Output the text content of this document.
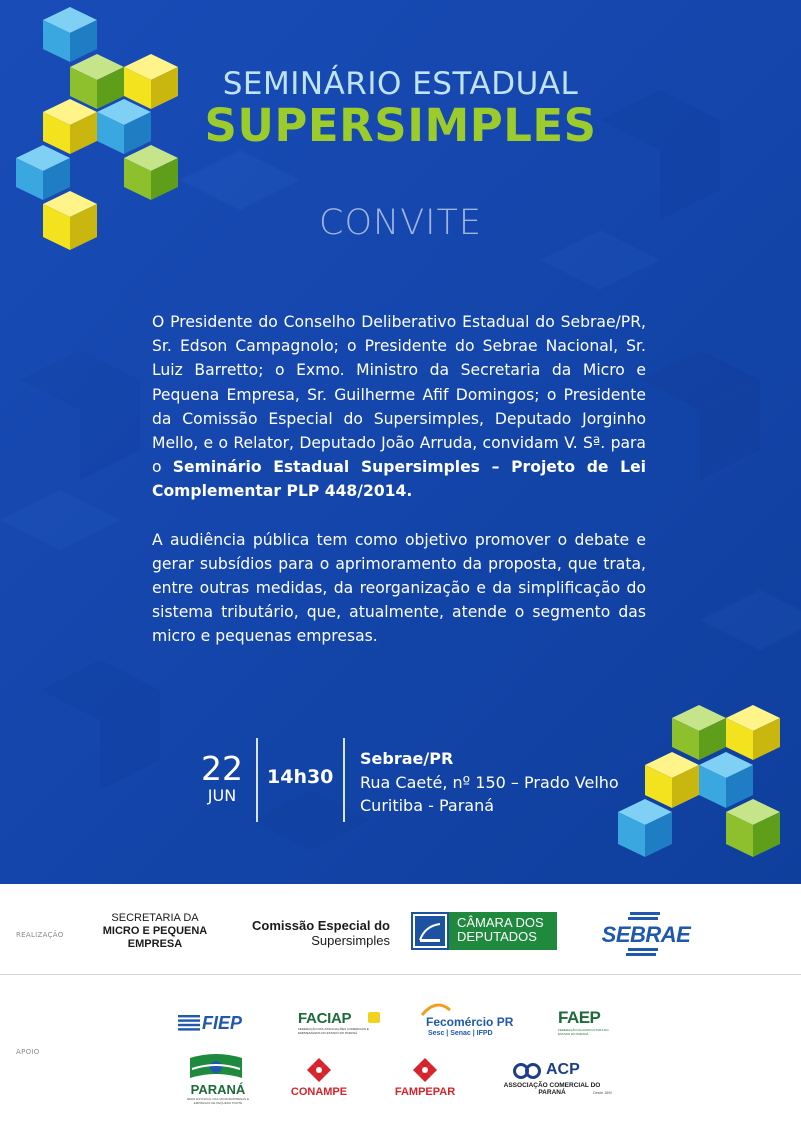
SEMINÁRIO ESTADUAL
SUPERSIMPLES
CONVITE

O Presidente do Conselho Deliberativo Estadual do Sebrae/PR, Sr. Edson Campagnolo; o Presidente do Sebrae Nacional, Sr. Luiz Barretto; o Exmo. Ministro da Secretaria da Micro e Pequena Empresa, Sr. Guilherme Afif Domingos; o Presidente da Comissão Especial do Supersimples, Deputado Jorginho Mello, e o Relator, Deputado João Arruda, convidam V. Sª. para o Seminário Estadual Supersimples – Projeto de Lei Complementar PLP 448/2014.

A audiência pública tem como objetivo promover o debate e gerar subsídios para o aprimoramento da proposta, que trata, entre outras medidas, da reorganização e da simplificação do sistema tributário, que, atualmente, atende o segmento das micro e pequenas empresas.

22
JUN
14h30
Sebrae/PR
Rua Caeté, nº 150 – Prado Velho
Curitiba - Paraná
REALIZAÇÃO
SECRETARIA DA
MICRO E PEQUENA
EMPRESA
Comissão Especial do
Supersimples
CÂMARA DOS
DEPUTADOS	SEBRAE
APOIO
FIEP	FACIAP
FEDERAÇÃO DAS ASSOCIAÇÕES COMERCIAIS E EMPRESARIAIS DO ESTADO DO PARANÁ
Fecomércio PR
Sesc | Senac | IFPD
FAEP
FEDERAÇÃO DA AGRICULTURA DO ESTADO DO PARANÁ
PARANÁ
REDE ESTADUAL DAS MICROEMPRESAS E EMPRESAS DE PEQUENO PORTE
CONAMPE	FAMPEPAR
ACP
ASSOCIAÇÃO COMERCIAL DO PARANÁ	Desde 1890
